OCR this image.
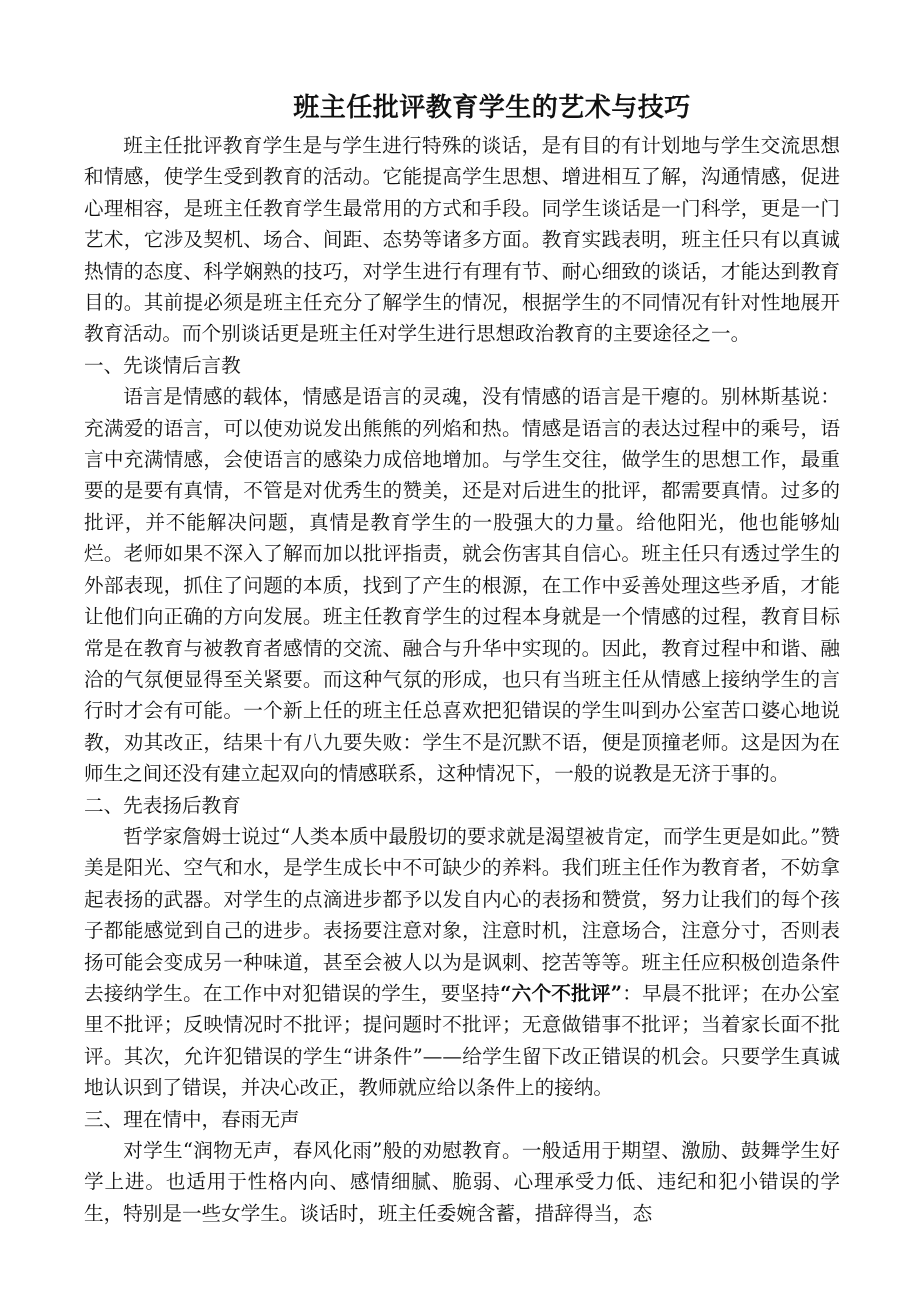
班主任批评教育学生的艺术与技巧

班主任批评教育学生是与学生进行特殊的谈话，是有目的有计划地与学生交流思想和情感，使学生受到教育的活动。它能提高学生思想、增进相互了解，沟通情感，促进心理相容，是班主任教育学生最常用的方式和手段。同学生谈话是一门科学，更是一门艺术，它涉及契机、场合、间距、态势等诸多方面。教育实践表明，班主任只有以真诚热情的态度、科学娴熟的技巧，对学生进行有理有节、耐心细致的谈话，才能达到教育目的。其前提必须是班主任充分了解学生的情况，根据学生的不同情况有针对性地展开教育活动。而个别谈话更是班主任对学生进行思想政治教育的主要途径之一。

一、先谈情后言教

语言是情感的载体，情感是语言的灵魂，没有情感的语言是干瘪的。别林斯基说：充满爱的语言，可以使劝说发出熊熊的列焰和热。情感是语言的表达过程中的乘号，语言中充满情感，会使语言的感染力成倍地增加。与学生交往，做学生的思想工作，最重要的是要有真情，不管是对优秀生的赞美，还是对后进生的批评，都需要真情。过多的批评，并不能解决问题，真情是教育学生的一股强大的力量。给他阳光，他也能够灿烂。老师如果不深入了解而加以批评指责，就会伤害其自信心。班主任只有透过学生的外部表现，抓住了问题的本质，找到了产生的根源，在工作中妥善处理这些矛盾，才能让他们向正确的方向发展。班主任教育学生的过程本身就是一个情感的过程，教育目标常是在教育与被教育者感情的交流、融合与升华中实现的。因此，教育过程中和谐、融洽的气氛便显得至关紧要。而这种气氛的形成，也只有当班主任从情感上接纳学生的言行时才会有可能。一个新上任的班主任总喜欢把犯错误的学生叫到办公室苦口婆心地说教，劝其改正，结果十有八九要失败：学生不是沉默不语，便是顶撞老师。这是因为在师生之间还没有建立起双向的情感联系，这种情况下，一般的说教是无济于事的。

二、先表扬后教育

哲学家詹姆士说过“人类本质中最殷切的要求就是渴望被肯定，而学生更是如此。”赞美是阳光、空气和水，是学生成长中不可缺少的养料。我们班主任作为教育者，不妨拿起表扬的武器。对学生的点滴进步都予以发自内心的表扬和赞赏，努力让我们的每个孩子都能感觉到自己的进步。表扬要注意对象，注意时机，注意场合，注意分寸，否则表扬可能会变成另一种味道，甚至会被人以为是讽刺、挖苦等等。班主任应积极创造条件去接纳学生。在工作中对犯错误的学生，要坚持“六个不批评”：早晨不批评；在办公室里不批评；反映情况时不批评；提问题时不批评；无意做错事不批评；当着家长面不批评。其次，允许犯错误的学生“讲条件”——给学生留下改正错误的机会。只要学生真诚地认识到了错误，并决心改正，教师就应给以条件上的接纳。

三、理在情中，春雨无声

对学生“润物无声，春风化雨”般的劝慰教育。一般适用于期望、激励、鼓舞学生好学上进。也适用于性格内向、感情细腻、脆弱、心理承受力低、违纪和犯小错误的学生，特别是一些女学生。谈话时，班主任委婉含蓄，措辞得当，态
